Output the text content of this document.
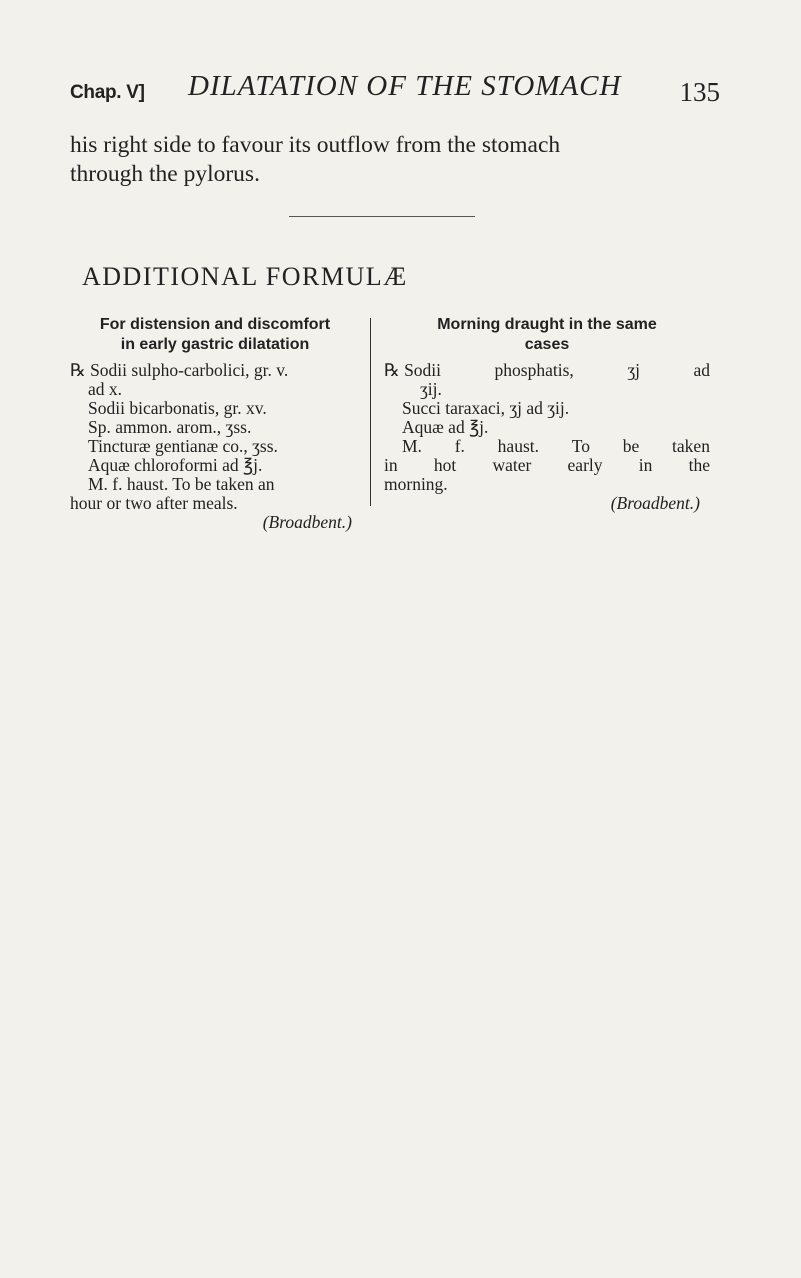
Chap. V] DILATATION OF THE STOMACH 135
his right side to favour its outflow from the stomach
through the pylorus.
ADDITIONAL FORMULÆ
For distension and discomfort
in early gastric dilatation
℞ Sodii sulpho-carbolici, gr. v.
ad x.
Sodii bicarbonatis, gr. xv.
Sp. ammon. arom., ʒss.
Tincturæ gentianæ co., ʒss.
Aquæ chloroformi ad ℥j.
M. f. haust. To be taken an
hour or two after meals.
(Broadbent.)
Morning draught in the same
cases
℞ Sodii	phosphatis,	ʒj	ad
ʒij.
Succi taraxaci, ʒj ad ʒij.
Aquæ ad ℥j.
M. f. haust. To be taken
in hot water early in the
morning.
(Broadbent.)
